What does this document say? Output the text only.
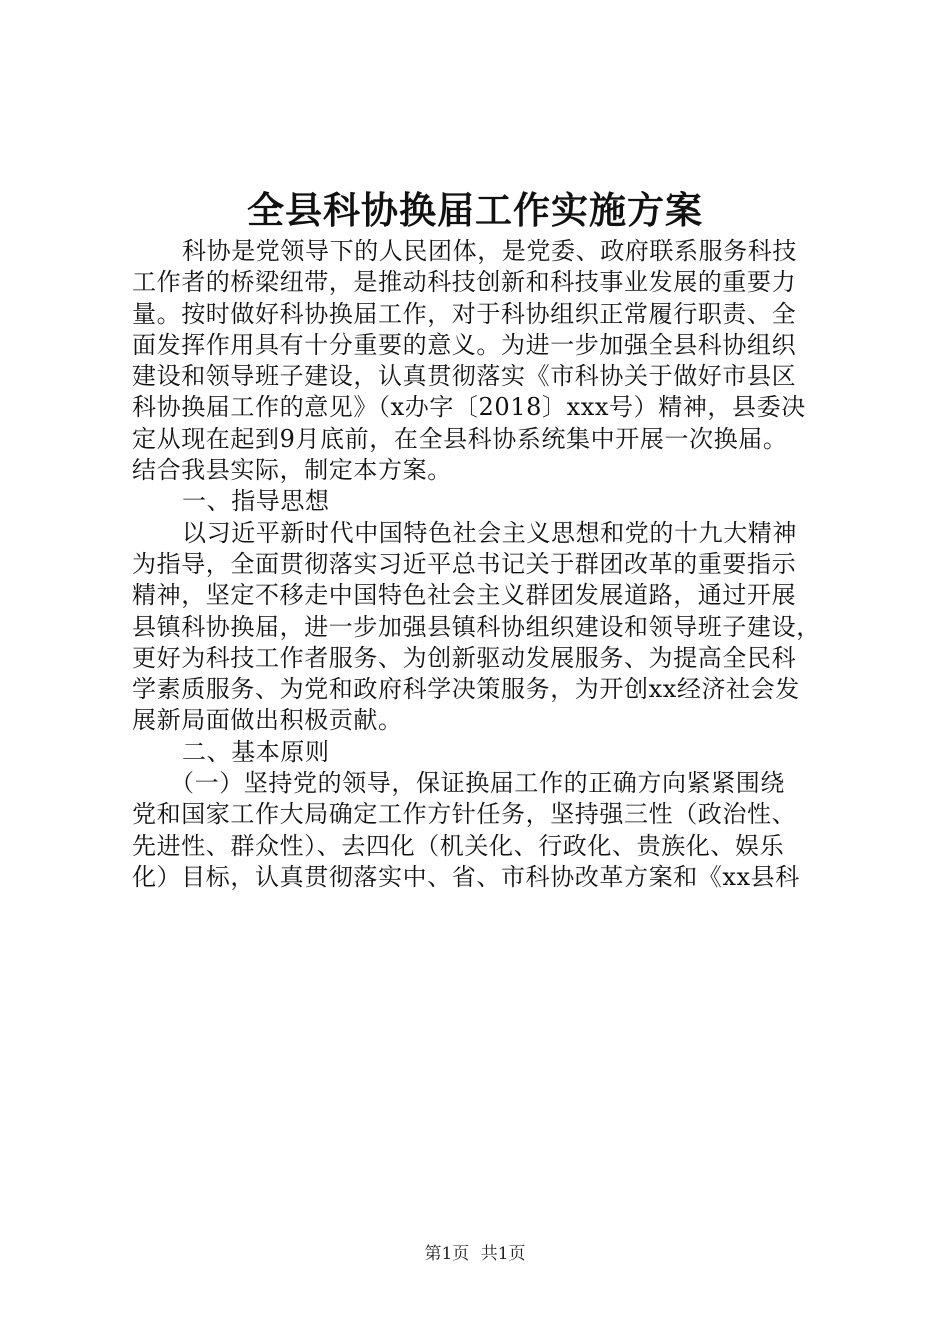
全县科协换届工作实施方案
科协是党领导下的人民团体，是党委、政府联系服务科技
工作者的桥梁纽带，是推动科技创新和科技事业发展的重要力
量。按时做好科协换届工作，对于科协组织正常履行职责、全
面发挥作用具有十分重要的意义。为进一步加强全县科协组织
建设和领导班子建设，认真贯彻落实《市科协关于做好市县区
科协换届工作的意见》（x办字〔2018〕xxx号）精神，县委决
定从现在起到9月底前，在全县科协系统集中开展一次换届。
结合我县实际，制定本方案。
一、指导思想
以习近平新时代中国特色社会主义思想和党的十九大精神
为指导，全面贯彻落实习近平总书记关于群团改革的重要指示
精神，坚定不移走中国特色社会主义群团发展道路，通过开展
县镇科协换届，进一步加强县镇科协组织建设和领导班子建设，
更好为科技工作者服务、为创新驱动发展服务、为提高全民科
学素质服务、为党和政府科学决策服务，为开创xx经济社会发
展新局面做出积极贡献。
二、基本原则
（一）坚持党的领导，保证换届工作的正确方向紧紧围绕
党和国家工作大局确定工作方针任务，坚持强三性（政治性、
先进性、群众性）、去四化（机关化、行政化、贵族化、娱乐
化）目标，认真贯彻落实中、省、市科协改革方案和《xx县科
第1页 共1页
